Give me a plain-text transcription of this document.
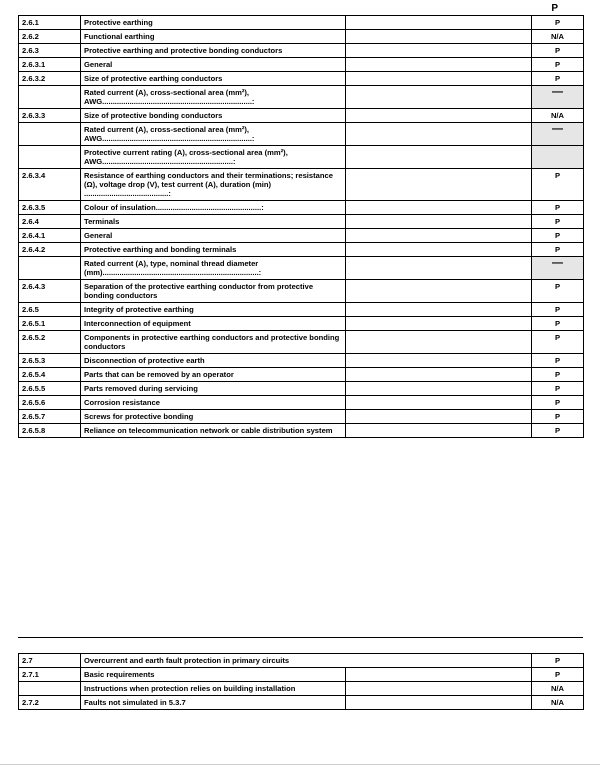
P
2.6.1	Protective earthing		P
2.6.2	Functional earthing		N/A
2.6.3	Protective earthing and protective bonding conductors		P
2.6.3.1	General		P
2.6.3.2	Size of protective earthing conductors		P
	Rated current (A), cross-sectional area (mm²), AWG.......................................................................:		—
2.6.3.3	Size of protective bonding conductors		N/A
	Rated current (A), cross-sectional area (mm²), AWG.......................................................................:		—
	Protective current rating (A), cross-sectional area (mm²), AWG..............................................................:		
2.6.3.4	Resistance of earthing conductors and their terminations; resistance (Ω), voltage drop (V), test current (A), duration (min) ........................................:		P
2.6.3.5	Colour of insulation..................................................:		P
2.6.4	Terminals		P
2.6.4.1	General		P
2.6.4.2	Protective earthing and bonding terminals		P
	Rated current (A), type, nominal thread diameter (mm)..........................................................................:		—
2.6.4.3	Separation of the protective earthing conductor from protective bonding conductors		P
2.6.5	Integrity of protective earthing		P
2.6.5.1	Interconnection of equipment		P
2.6.5.2	Components in protective earthing conductors and protective bonding conductors		P
2.6.5.3	Disconnection of protective earth		P
2.6.5.4	Parts that can be removed by an operator		P
2.6.5.5	Parts removed during servicing		P
2.6.5.6	Corrosion resistance		P
2.6.5.7	Screws for protective bonding		P
2.6.5.8	Reliance on telecommunication network or cable distribution system		P
2.7	Overcurrent and earth fault protection in primary circuits		P
2.7.1	Basic requirements		P
	Instructions when protection relies on building installation		N/A
2.7.2	Faults not simulated in 5.3.7		N/A
